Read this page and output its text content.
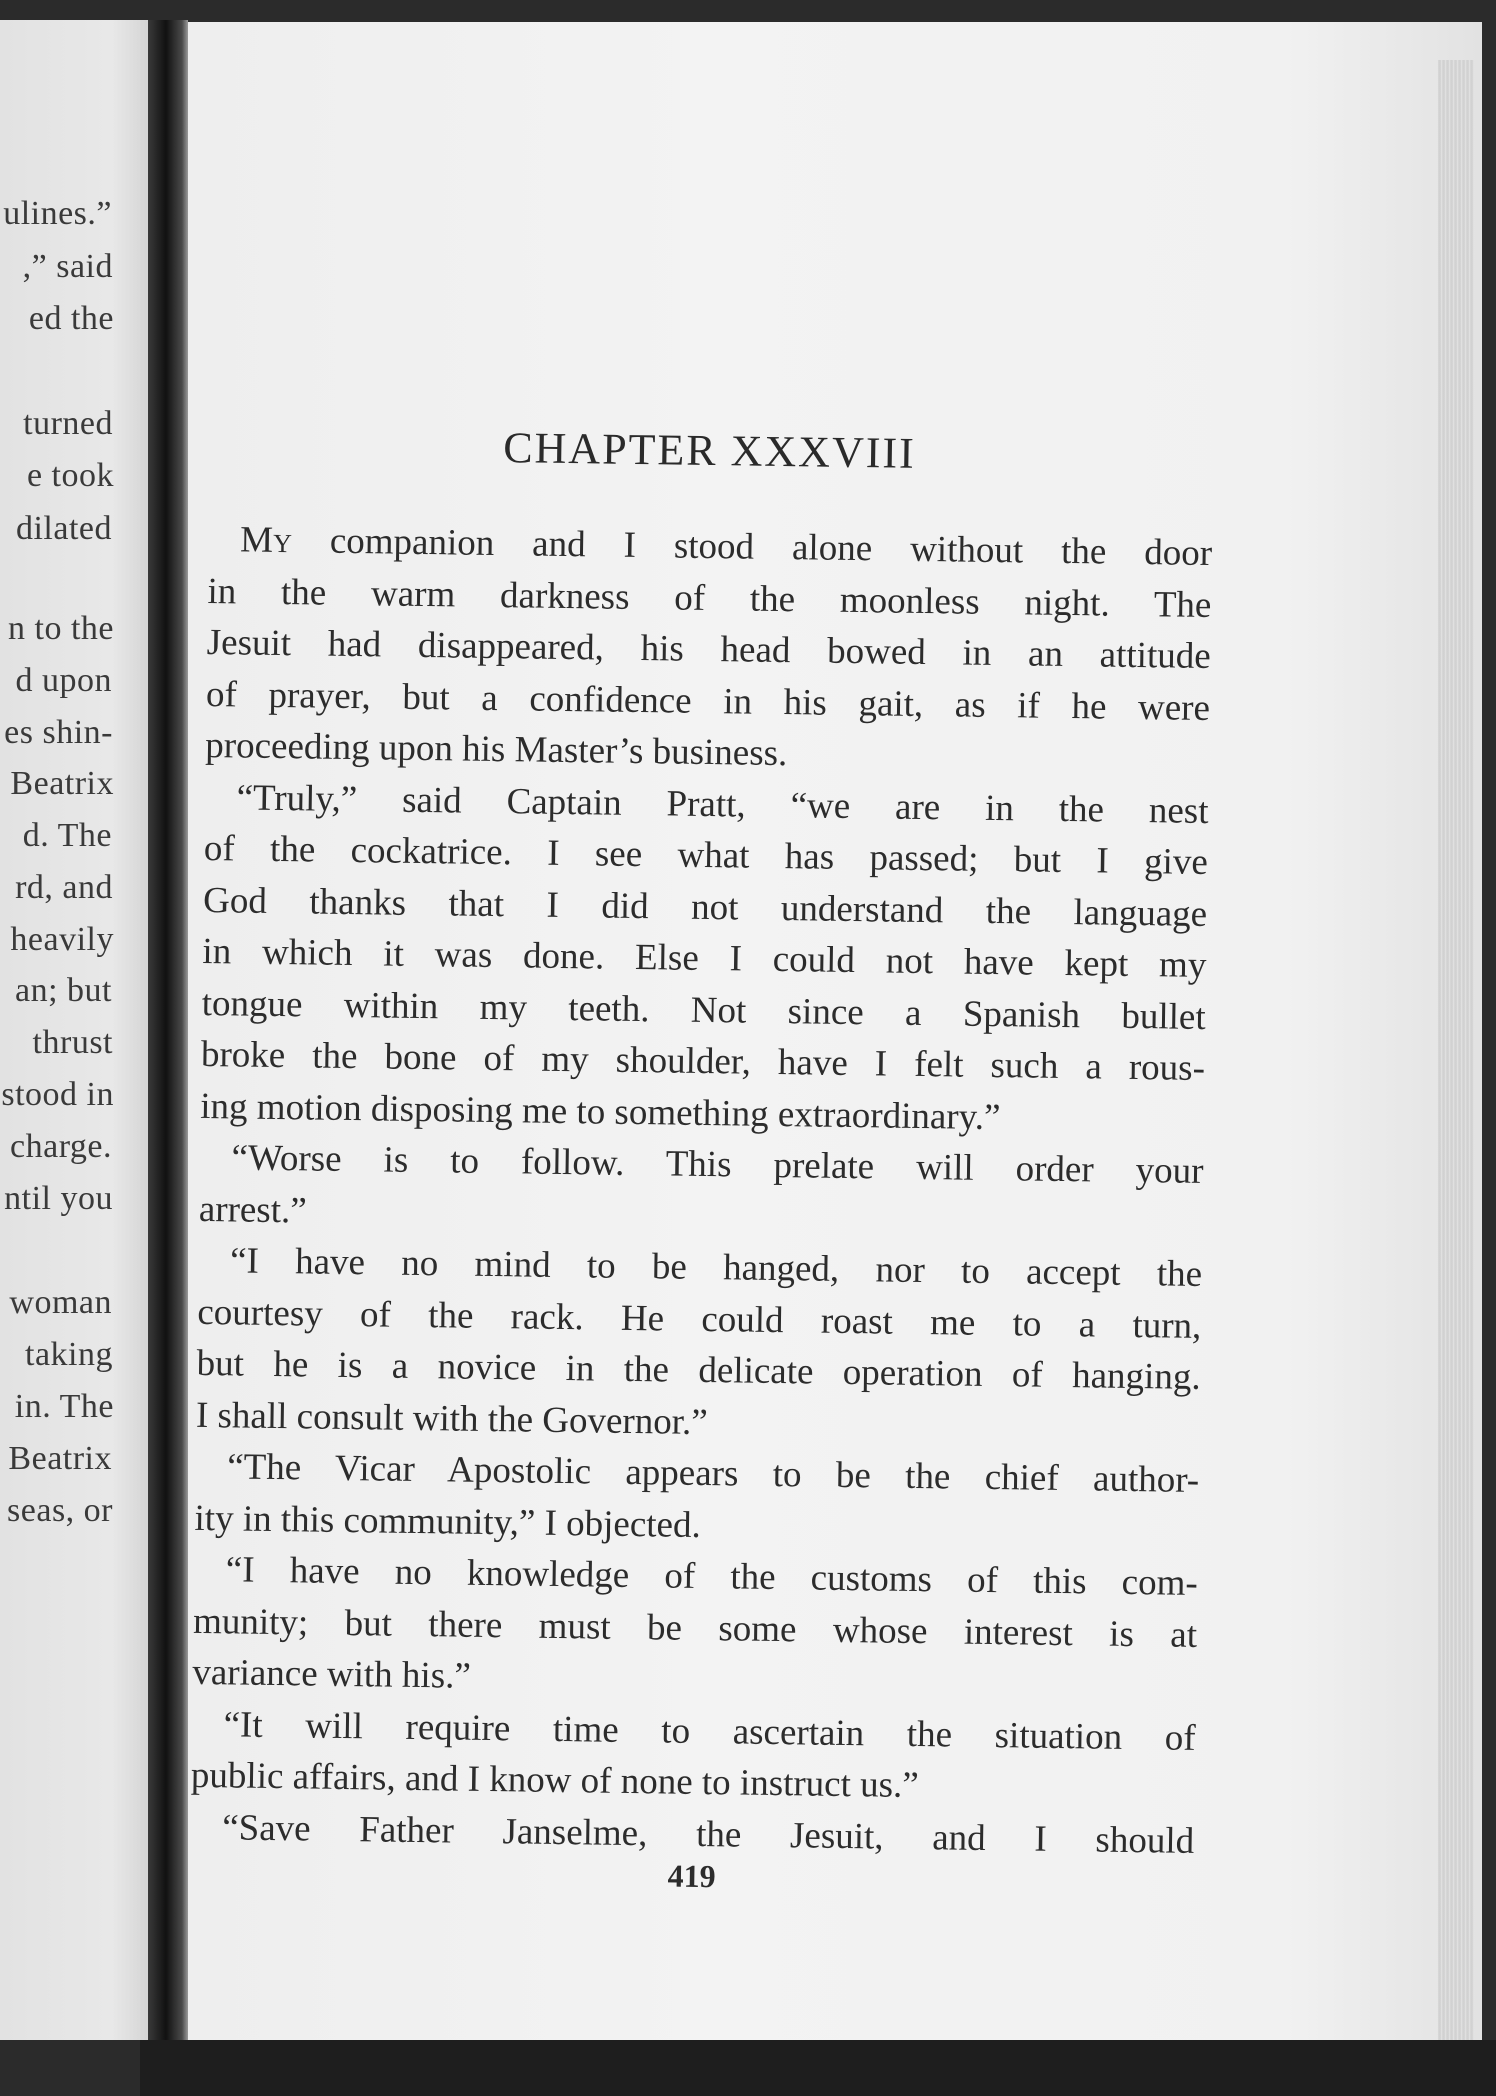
ulines.”
,” said
ed the
turned
e took
dilated
n to the
d upon
es shin-
Beatrix
d. The
rd, and
heavily
an; but
thrust
stood in
charge.
ntil you
woman
taking
in. The
Beatrix
seas, or
CHAPTER XXXVIII
My companion and I stood alone without the door
in the warm darkness of the moonless night. The
Jesuit had disappeared, his head bowed in an attitude
of prayer, but a confidence in his gait, as if he were
proceeding upon his Master’s business.
“Truly,” said Captain Pratt, “we are in the nest
of the cockatrice. I see what has passed; but I give
God thanks that I did not understand the language
in which it was done. Else I could not have kept my
tongue within my teeth. Not since a Spanish bullet
broke the bone of my shoulder, have I felt such a rous-
ing motion disposing me to something extraordinary.”
“Worse is to follow. This prelate will order your
arrest.”
“I have no mind to be hanged, nor to accept the
courtesy of the rack. He could roast me to a turn,
but he is a novice in the delicate operation of hanging.
I shall consult with the Governor.”
“The Vicar Apostolic appears to be the chief author-
ity in this community,” I objected.
“I have no knowledge of the customs of this com-
munity; but there must be some whose interest is at
variance with his.”
“It will require time to ascertain the situation of
public affairs, and I know of none to instruct us.”
“Save Father Janselme, the Jesuit, and I should
419
